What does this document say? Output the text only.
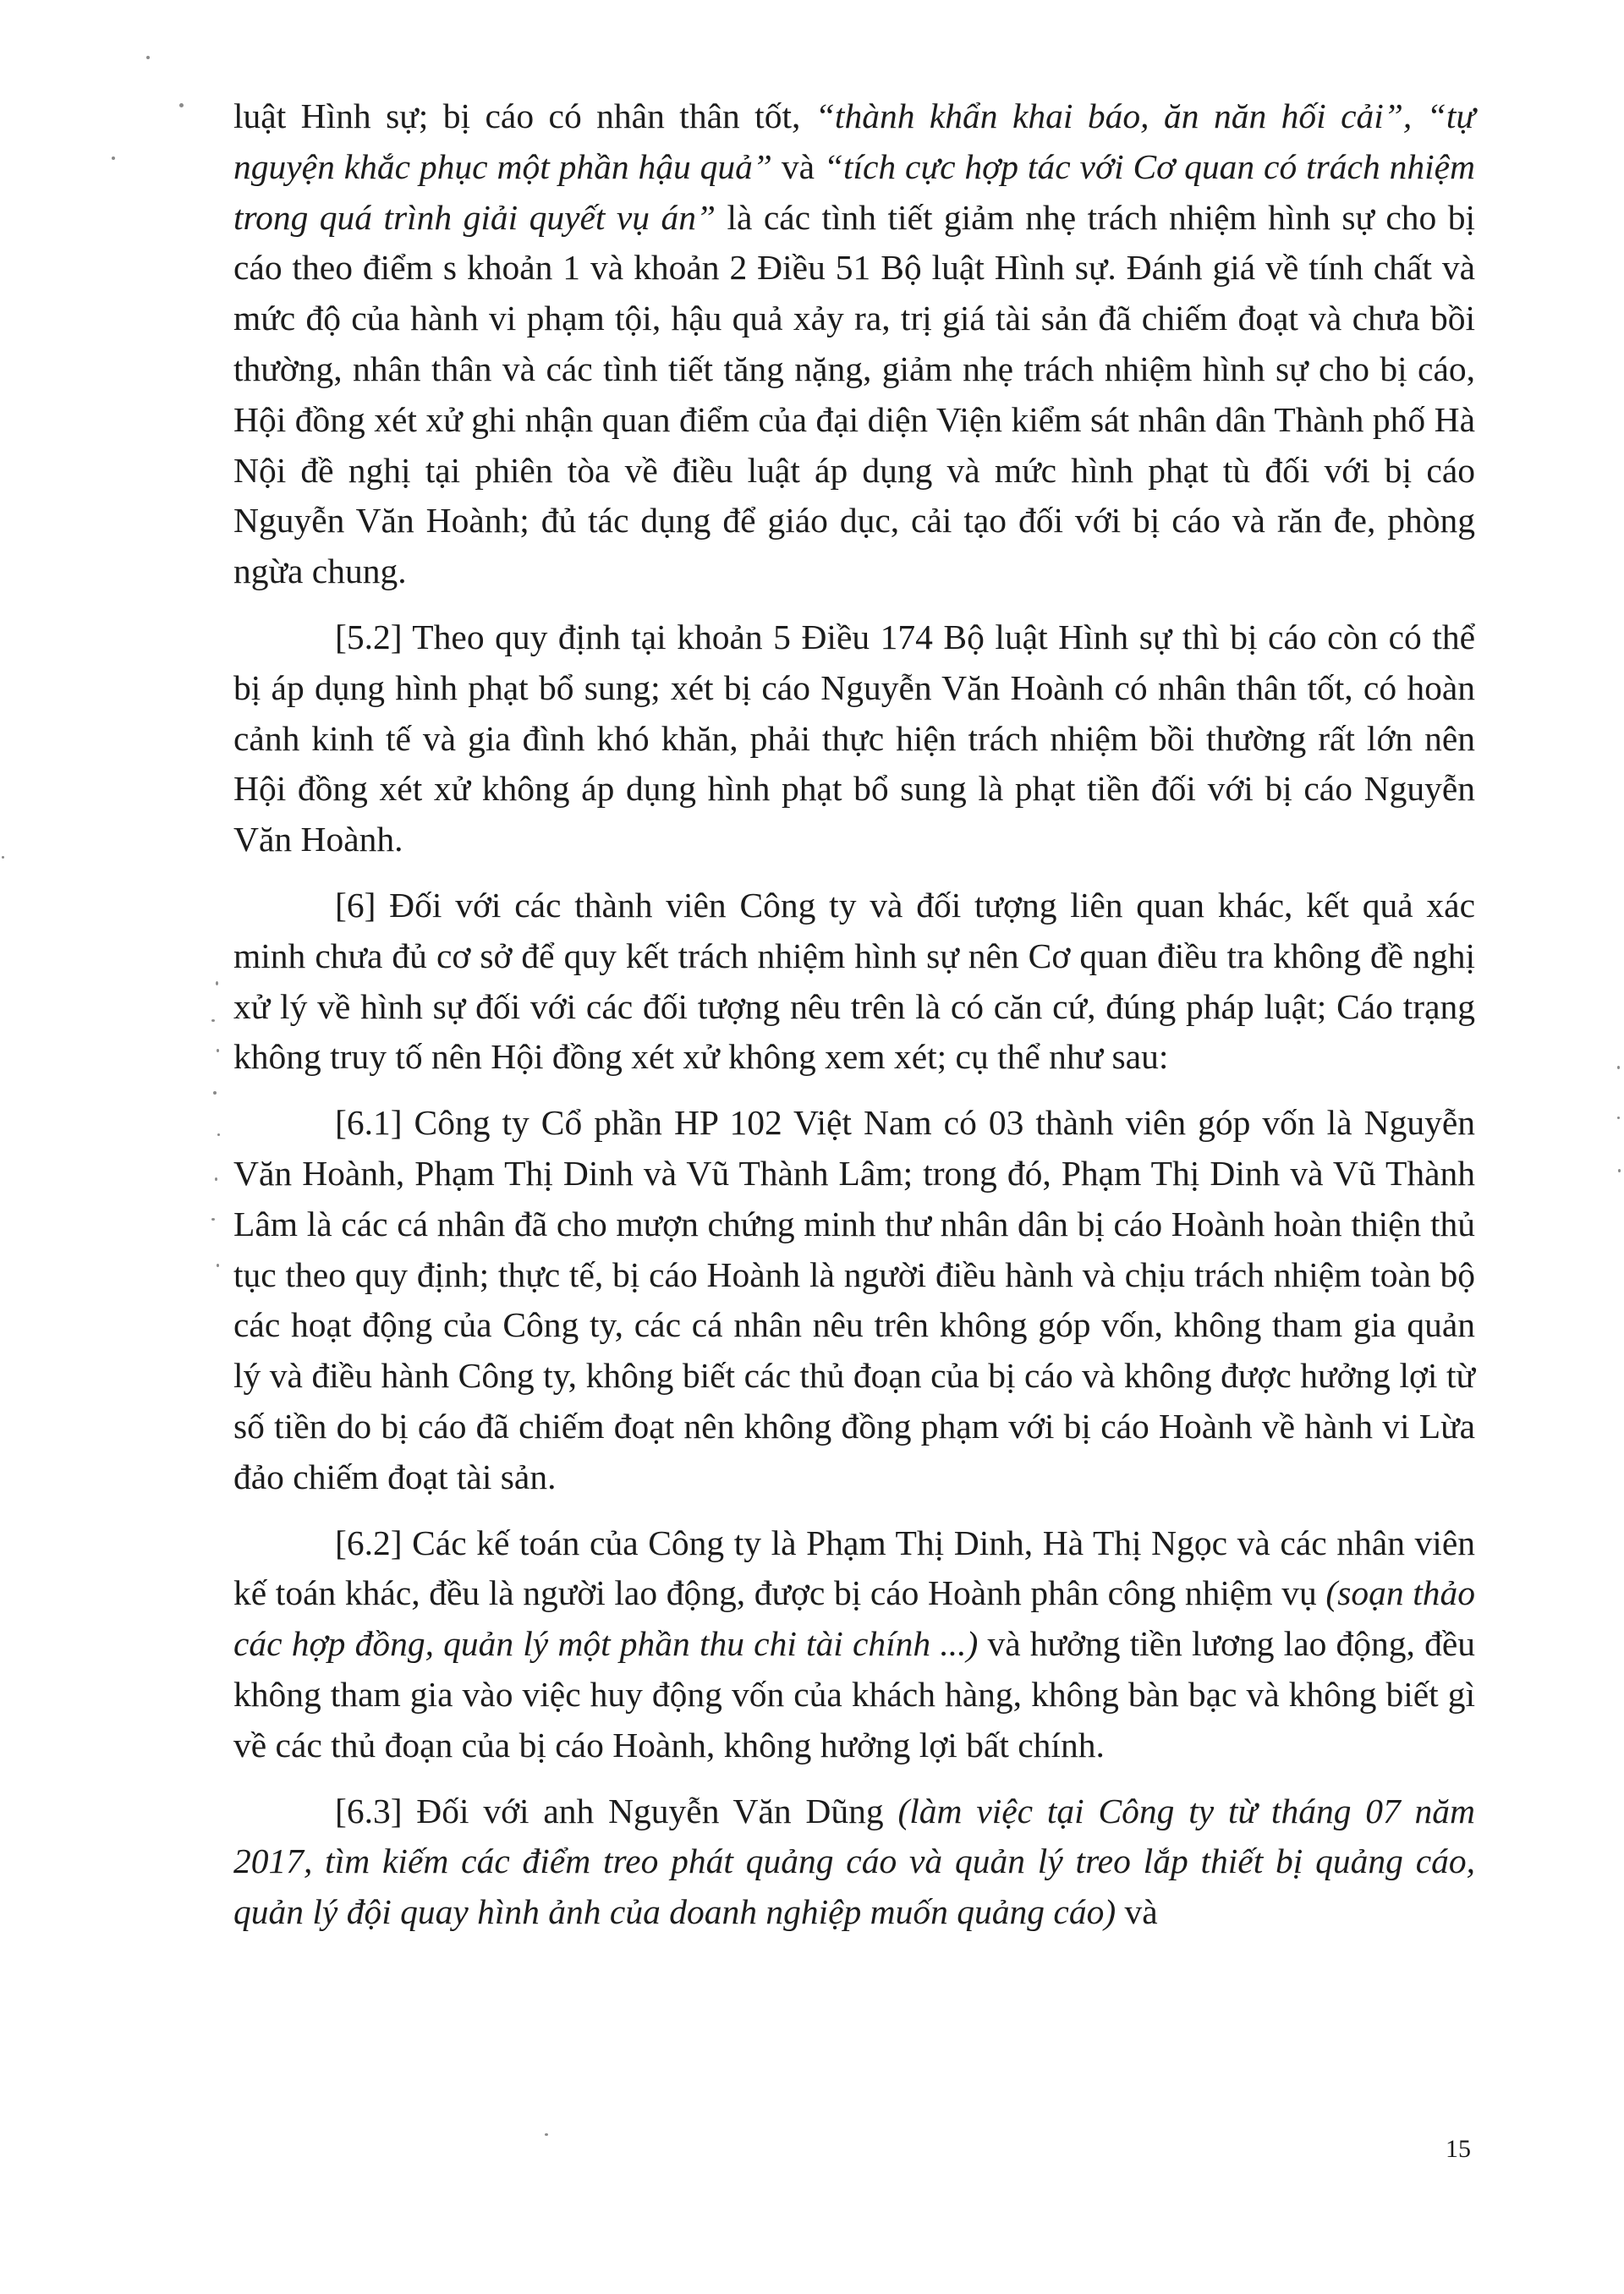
luật Hình sự; bị cáo có nhân thân tốt, “thành khẩn khai báo, ăn năn hối cải”, “tự nguyện khắc phục một phần hậu quả” và “tích cực hợp tác với Cơ quan có trách nhiệm trong quá trình giải quyết vụ án” là các tình tiết giảm nhẹ trách nhiệm hình sự cho bị cáo theo điểm s khoản 1 và khoản 2 Điều 51 Bộ luật Hình sự. Đánh giá về tính chất và mức độ của hành vi phạm tội, hậu quả xảy ra, trị giá tài sản đã chiếm đoạt và chưa bồi thường, nhân thân và các tình tiết tăng nặng, giảm nhẹ trách nhiệm hình sự cho bị cáo, Hội đồng xét xử ghi nhận quan điểm của đại diện Viện kiểm sát nhân dân Thành phố Hà Nội đề nghị tại phiên tòa về điều luật áp dụng và mức hình phạt tù đối với bị cáo Nguyễn Văn Hoành; đủ tác dụng để giáo dục, cải tạo đối với bị cáo và răn đe, phòng ngừa chung.

[5.2] Theo quy định tại khoản 5 Điều 174 Bộ luật Hình sự thì bị cáo còn có thể bị áp dụng hình phạt bổ sung; xét bị cáo Nguyễn Văn Hoành có nhân thân tốt, có hoàn cảnh kinh tế và gia đình khó khăn, phải thực hiện trách nhiệm bồi thường rất lớn nên Hội đồng xét xử không áp dụng hình phạt bổ sung là phạt tiền đối với bị cáo Nguyễn Văn Hoành.

[6] Đối với các thành viên Công ty và đối tượng liên quan khác, kết quả xác minh chưa đủ cơ sở để quy kết trách nhiệm hình sự nên Cơ quan điều tra không đề nghị xử lý về hình sự đối với các đối tượng nêu trên là có căn cứ, đúng pháp luật; Cáo trạng không truy tố nên Hội đồng xét xử không xem xét; cụ thể như sau:

[6.1] Công ty Cổ phần HP 102 Việt Nam có 03 thành viên góp vốn là Nguyễn Văn Hoành, Phạm Thị Dinh và Vũ Thành Lâm; trong đó, Phạm Thị Dinh và Vũ Thành Lâm là các cá nhân đã cho mượn chứng minh thư nhân dân bị cáo Hoành hoàn thiện thủ tục theo quy định; thực tế, bị cáo Hoành là người điều hành và chịu trách nhiệm toàn bộ các hoạt động của Công ty, các cá nhân nêu trên không góp vốn, không tham gia quản lý và điều hành Công ty, không biết các thủ đoạn của bị cáo và không được hưởng lợi từ số tiền do bị cáo đã chiếm đoạt nên không đồng phạm với bị cáo Hoành về hành vi Lừa đảo chiếm đoạt tài sản.

[6.2] Các kế toán của Công ty là Phạm Thị Dinh, Hà Thị Ngọc và các nhân viên kế toán khác, đều là người lao động, được bị cáo Hoành phân công nhiệm vụ (soạn thảo các hợp đồng, quản lý một phần thu chi tài chính ...) và hưởng tiền lương lao động, đều không tham gia vào việc huy động vốn của khách hàng, không bàn bạc và không biết gì về các thủ đoạn của bị cáo Hoành, không hưởng lợi bất chính.

[6.3] Đối với anh Nguyễn Văn Dũng (làm việc tại Công ty từ tháng 07 năm 2017, tìm kiếm các điểm treo phát quảng cáo và quản lý treo lắp thiết bị quảng cáo, quản lý đội quay hình ảnh của doanh nghiệp muốn quảng cáo) và

15
